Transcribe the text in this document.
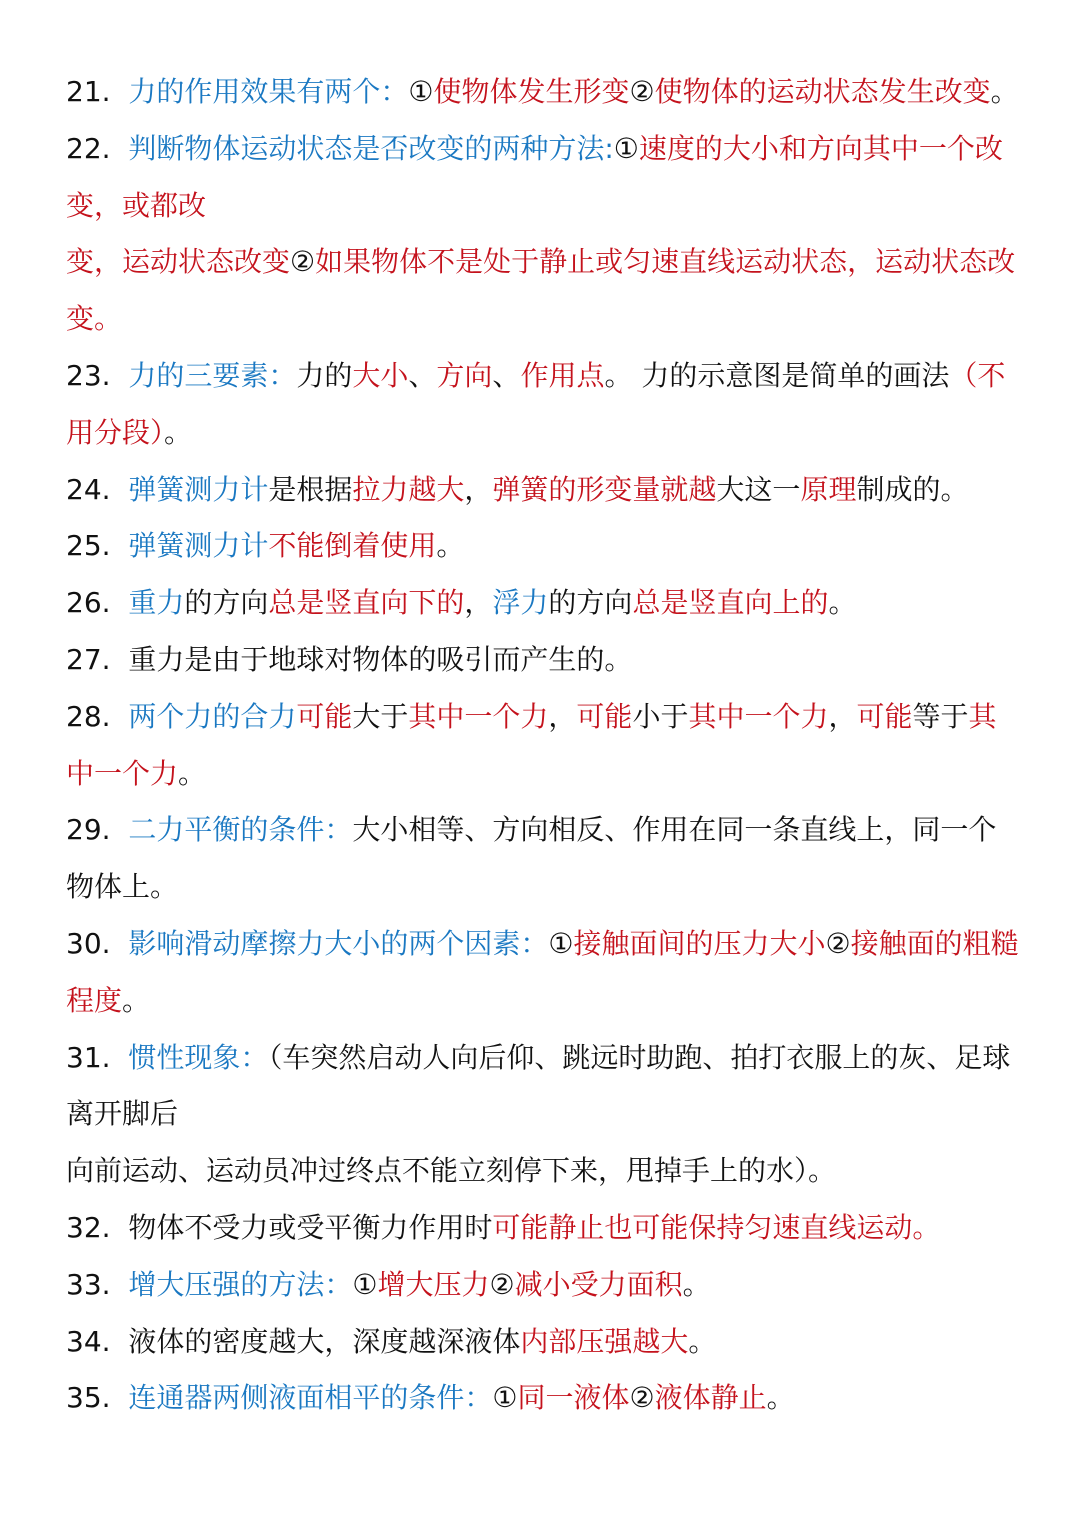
21. 力的作用效果有两个：①使物体发生形变②使物体的运动状态发生改变。

22. 判断物体运动状态是否改变的两种方法:①速度的大小和方向其中一个改变，或都改
变，运动状态改变②如果物体不是处于静止或匀速直线运动状态，运动状态改变。

23. 力的三要素：力的大小、方向、作用点。 力的示意图是简单的画法（不用分段）。

24. 弹簧测力计是根据拉力越大，弹簧的形变量就越大这一原理制成的。

25. 弹簧测力计不能倒着使用。

26. 重力的方向总是竖直向下的，浮力的方向总是竖直向上的。

27. 重力是由于地球对物体的吸引而产生的。

28. 两个力的合力可能大于其中一个力，可能小于其中一个力，可能等于其中一个力。

29. 二力平衡的条件：大小相等、方向相反、作用在同一条直线上，同一个物体上。

30. 影响滑动摩擦力大小的两个因素：①接触面间的压力大小②接触面的粗糙程度。

31. 惯性现象：（车突然启动人向后仰、跳远时助跑、拍打衣服上的灰、足球离开脚后
向前运动、运动员冲过终点不能立刻停下来，甩掉手上的水）。

32. 物体不受力或受平衡力作用时可能静止也可能保持匀速直线运动。

33. 增大压强的方法：①增大压力②减小受力面积。

34. 液体的密度越大，深度越深液体内部压强越大。

35. 连通器两侧液面相平的条件：①同一液体②液体静止。
